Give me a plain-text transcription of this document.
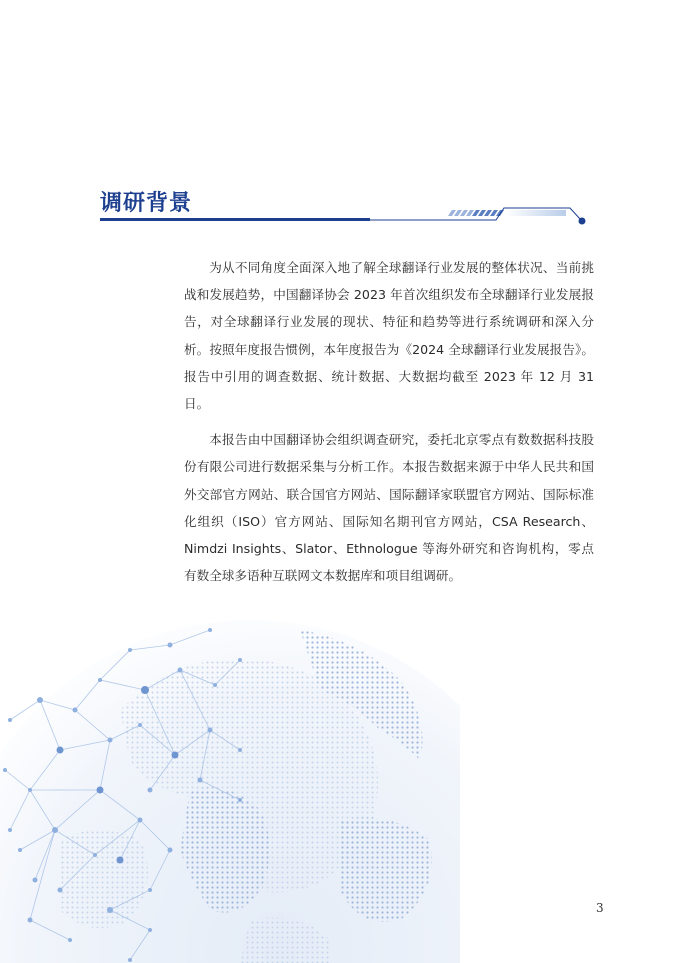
调研背景

为从不同角度全面深入地了解全球翻译行业发展的整体状况、当前挑战和发展趋势，中国翻译协会 2023 年首次组织发布全球翻译行业发展报告，对全球翻译行业发展的现状、特征和趋势等进行系统调研和深入分析。按照年度报告惯例，本年度报告为《2024 全球翻译行业发展报告》。报告中引用的调查数据、统计数据、大数据均截至 2023 年 12 月 31 日。

本报告由中国翻译协会组织调查研究，委托北京零点有数数据科技股份有限公司进行数据采集与分析工作。本报告数据来源于中华人民共和国外交部官方网站、联合国官方网站、国际翻译家联盟官方网站、国际标准化组织（ISO）官方网站、国际知名期刊官方网站，CSA Research、Nimdzi Insights、Slator、Ethnologue 等海外研究和咨询机构，零点有数全球多语种互联网文本数据库和项目组调研。

3
